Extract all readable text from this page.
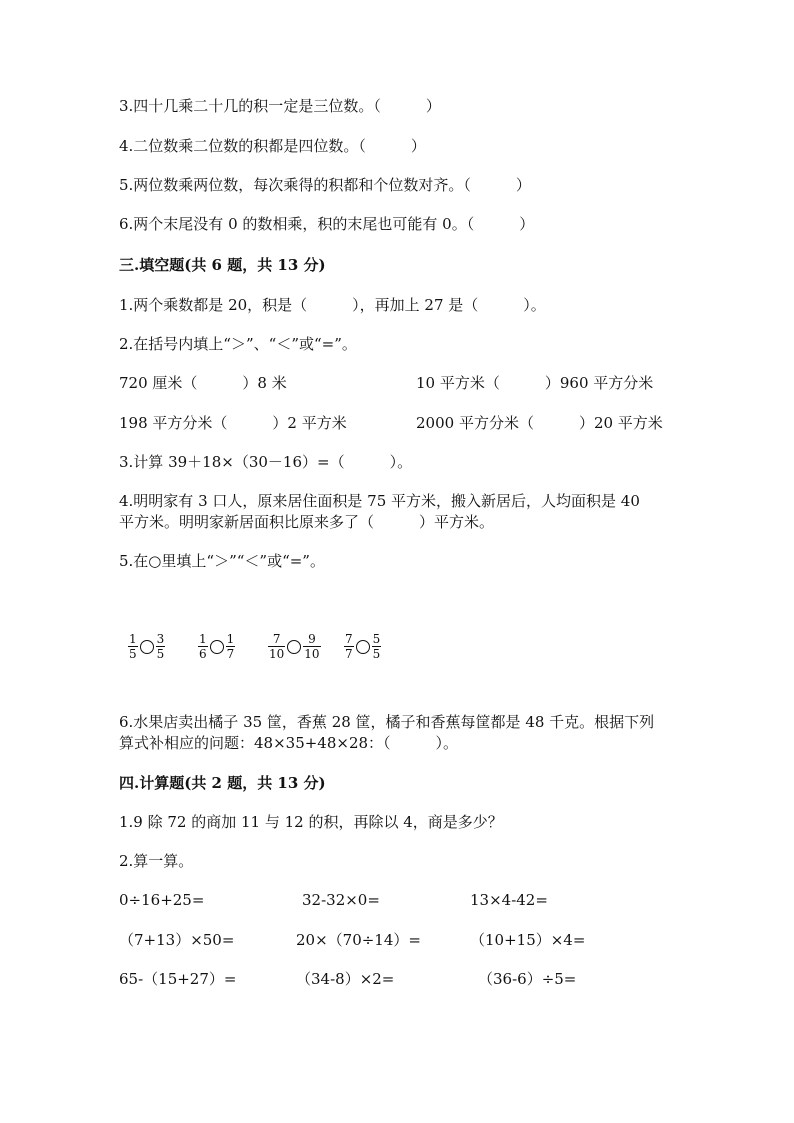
3.四十几乘二十几的积一定是三位数。（　　　）
4.二位数乘二位数的积都是四位数。（　　　）
5.两位数乘两位数，每次乘得的积都和个位数对齐。（　　　）
6.两个末尾没有 0 的数相乘，积的末尾也可能有 0。（　　　）
三.填空题(共 6 题，共 13 分)
1.两个乘数都是 20，积是（　　　），再加上 27 是（　　　）。
2.在括号内填上“＞”、“＜”或“=”。
720 厘米（　　　）8 米	10 平方米（　　　）960 平方分米
198 平方分米（　　　）2 平方米	2000 平方分米（　　　）20 平方米
3.计算 39＋18×（30－16）=（　　　）。
4.明明家有 3 口人，原来居住面积是 75 平方米，搬入新居后，人均面积是 40
平方米。明明家新居面积比原来多了（　　　）平方米。
5.在○里填上“＞”“＜”或“=”。
$\frac{1}{5} \frac{3}{5}$	$\frac{1}{6} \frac{1}{7}$	$\frac{7}{10} \frac{9}{10} \frac{7}{7} \frac{5}{5}$
6.水果店卖出橘子 35 筐，香蕉 28 筐，橘子和香蕉每筐都是 48 千克。根据下列
算式补相应的问题：48×35+48×28：（　　　）。
四.计算题(共 2 题，共 13 分)
1.9 除 72 的商加 11 与 12 的积，再除以 4，商是多少？
2.算一算。
0÷16+25=	32-32×0=	13×4-42=
（7+13）×50=	20×（70÷14）=	（10+15）×4=
65-（15+27）=	（34-8）×2=	（36-6）÷5=
